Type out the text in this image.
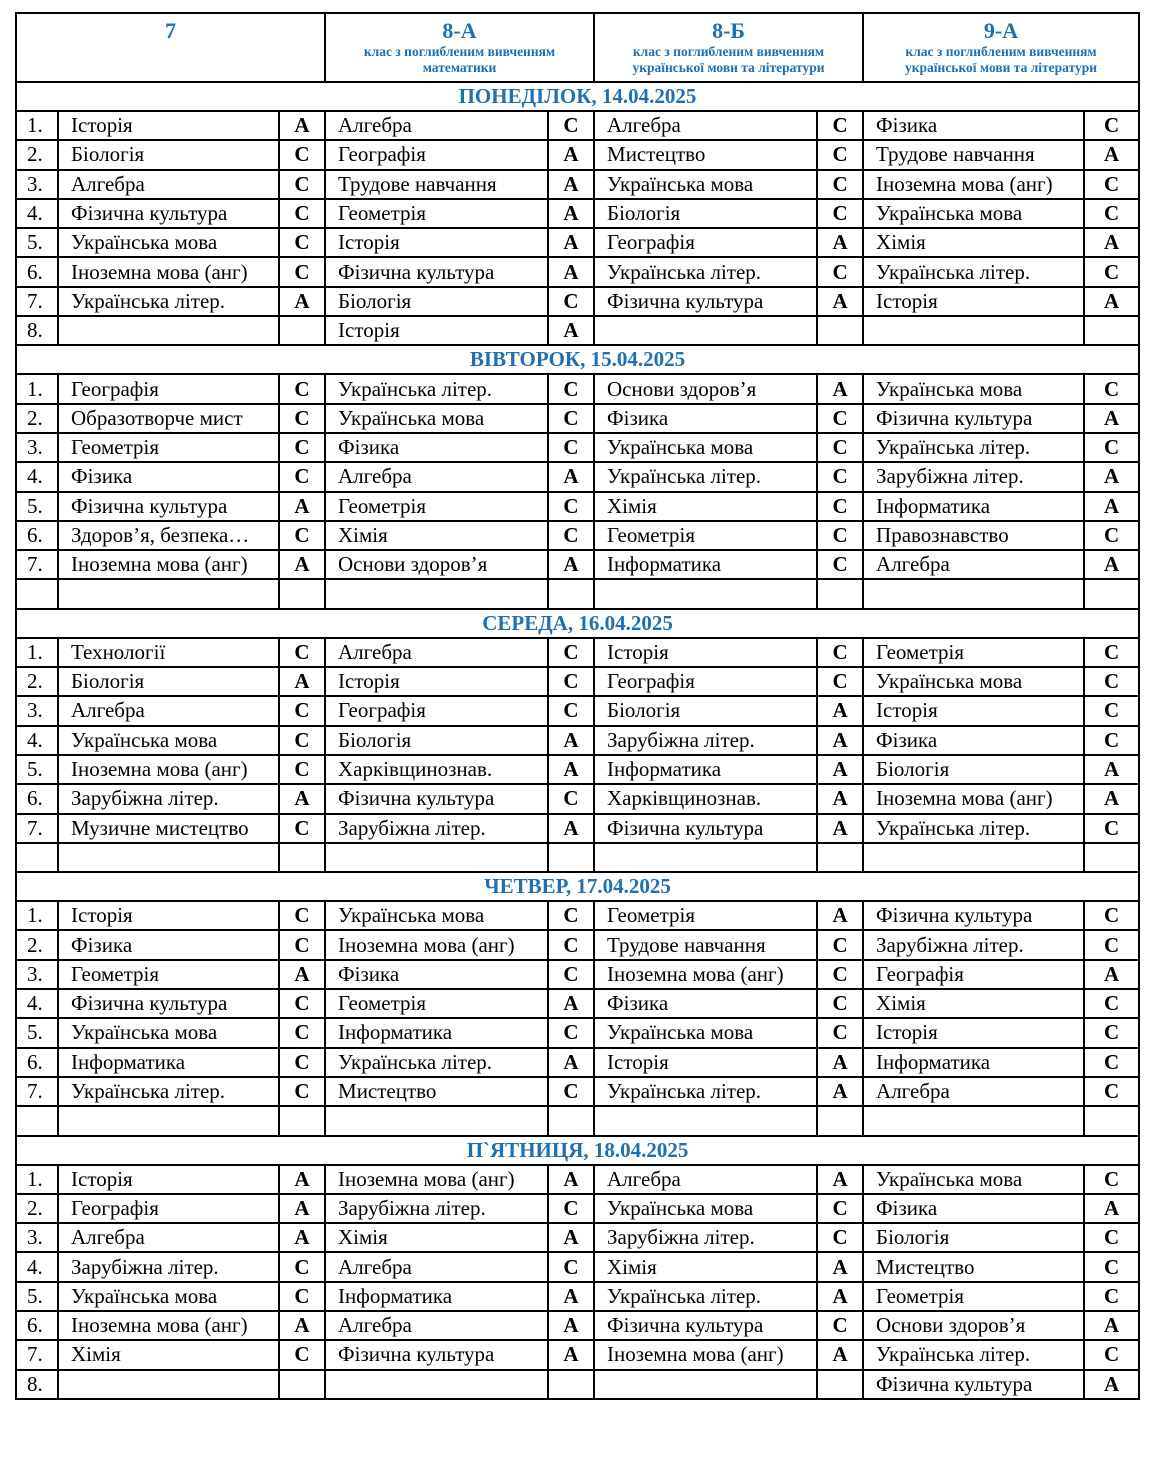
7			8-А
клас з поглибленим вивченням
математики		8-Б
клас з поглибленим вивченням
української мови та літератури		9-А
клас з поглибленим вивченням
української мови та літератури	

ПОНЕДІЛОК, 14.04.2025								
1.	Історія	А	Алгебра	С	Алгебра	С	Фізика	С
2.	Біологія	С	Географія	А	Мистецтво	С	Трудове навчання	А
3.	Алгебра	С	Трудове навчання	А	Українська мова	С	Іноземна мова (анг)	С
4.	Фізична культура	С	Геометрія	А	Біологія	С	Українська мова	С
5.	Українська мова	С	Історія	А	Географія	А	Хімія	А
6.	Іноземна мова (анг)	С	Фізична культура	А	Українська літер.	С	Українська літер.	С
7.	Українська літер.	А	Біологія	С	Фізична культура	А	Історія	А
8.			Історія	А				
ВІВТОРОК, 15.04.2025								
1.	Географія	С	Українська літер.	С	Основи здоров’я	А	Українська мова	С
2.	Образотворче мист	С	Українська мова	С	Фізика	С	Фізична культура	А
3.	Геометрія	С	Фізика	С	Українська мова	С	Українська літер.	С
4.	Фізика	С	Алгебра	А	Українська літер.	С	Зарубіжна літер.	А
5.	Фізична культура	А	Геометрія	С	Хімія	С	Інформатика	А
6.	Здоров’я, безпека…	С	Хімія	С	Геометрія	С	Правознавство	С
7.	Іноземна мова (анг)	А	Основи здоров’я	А	Інформатика	С	Алгебра	А

СЕРЕДА, 16.04.2025								
1.	Технології	С	Алгебра	С	Історія	С	Геометрія	С
2.	Біологія	А	Історія	С	Географія	С	Українська мова	С
3.	Алгебра	С	Географія	С	Біологія	А	Історія	С
4.	Українська мова	С	Біологія	А	Зарубіжна літер.	А	Фізика	С
5.	Іноземна мова (анг)	С	Харківщинознав.	А	Інформатика	А	Біологія	А
6.	Зарубіжна літер.	А	Фізична культура	С	Харківщинознав.	А	Іноземна мова (анг)	А
7.	Музичне мистецтво	С	Зарубіжна літер.	А	Фізична культура	А	Українська літер.	С

ЧЕТВЕР, 17.04.2025								
1.	Історія	С	Українська мова	С	Геометрія	А	Фізична культура	С
2.	Фізика	С	Іноземна мова (анг)	С	Трудове навчання	С	Зарубіжна літер.	С
3.	Геометрія	А	Фізика	С	Іноземна мова (анг)	С	Географія	А
4.	Фізична культура	С	Геометрія	А	Фізика	С	Хімія	С
5.	Українська мова	С	Інформатика	С	Українська мова	С	Історія	С
6.	Інформатика	С	Українська літер.	А	Історія	А	Інформатика	С
7.	Українська літер.	С	Мистецтво	С	Українська літер.	А	Алгебра	С

П`ЯТНИЦЯ, 18.04.2025								
1.	Історія	А	Іноземна мова (анг)	А	Алгебра	А	Українська мова	С
2.	Географія	А	Зарубіжна літер.	С	Українська мова	С	Фізика	А
3.	Алгебра	А	Хімія	А	Зарубіжна літер.	С	Біологія	С
4.	Зарубіжна літер.	С	Алгебра	С	Хімія	А	Мистецтво	С
5.	Українська мова	С	Інформатика	А	Українська літер.	А	Геометрія	С
6.	Іноземна мова (анг)	А	Алгебра	А	Фізична культура	С	Основи здоров’я	А
7.	Хімія	С	Фізична культура	А	Іноземна мова (анг)	А	Українська літер.	С
8.							Фізична культура	А
